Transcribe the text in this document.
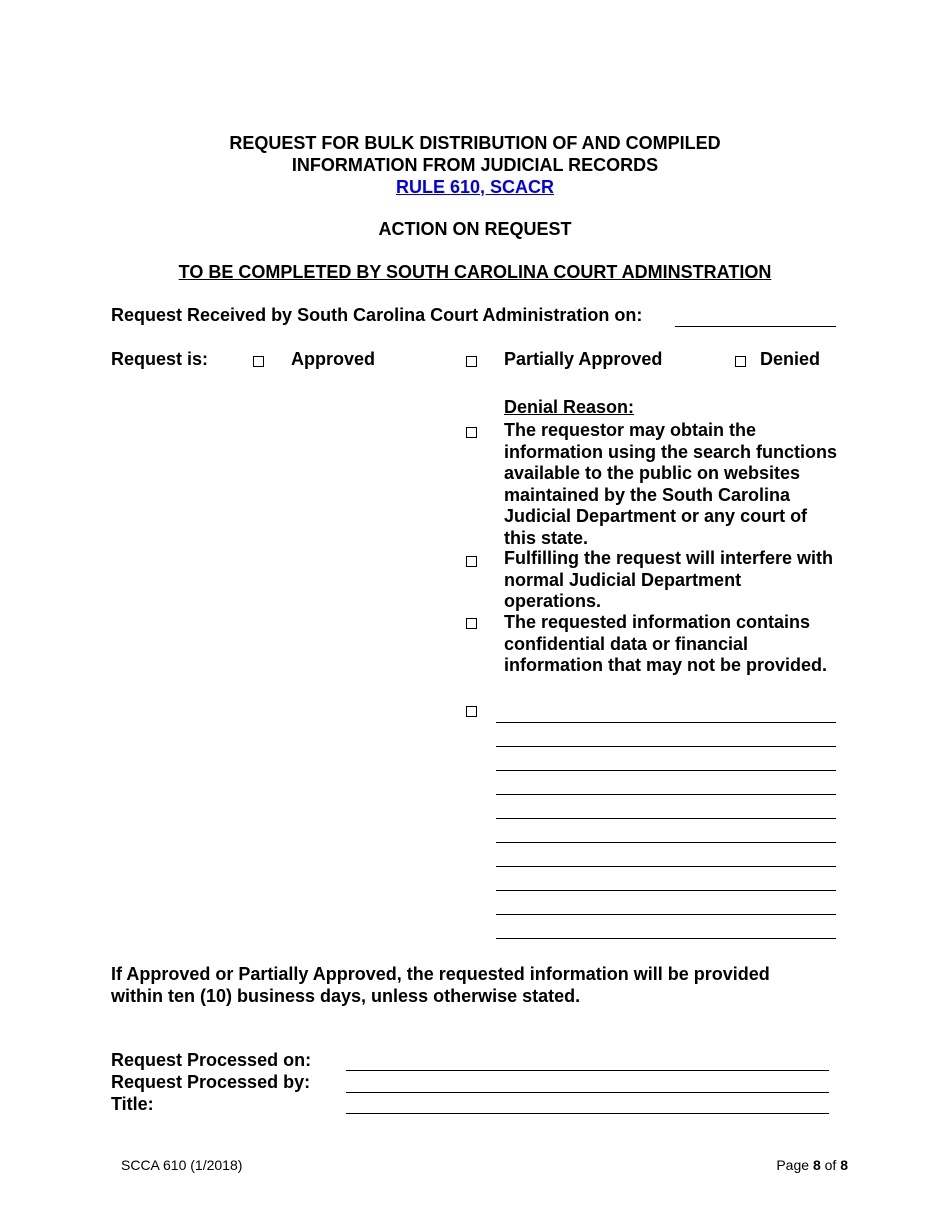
REQUEST FOR BULK DISTRIBUTION OF AND COMPILED
INFORMATION FROM JUDICIAL RECORDS
RULE 610, SCACR
ACTION ON REQUEST
TO BE COMPLETED BY SOUTH CAROLINA COURT ADMINSTRATION
Request Received by South Carolina Court Administration on:
Request is:	Approved	Partially Approved	Denied
Denial Reason:
The requestor may obtain the information using the search functions available to the public on websites maintained by the South Carolina Judicial Department or any court of this state.
Fulfilling the request will interfere with normal Judicial Department operations.
The requested information contains confidential data or financial information that may not be provided.
If Approved or Partially Approved, the requested information will be provided
within ten (10) business days, unless otherwise stated.
Request Processed on:
Request Processed by:
Title:
SCCA 610 (1/2018)	Page 8 of 8
